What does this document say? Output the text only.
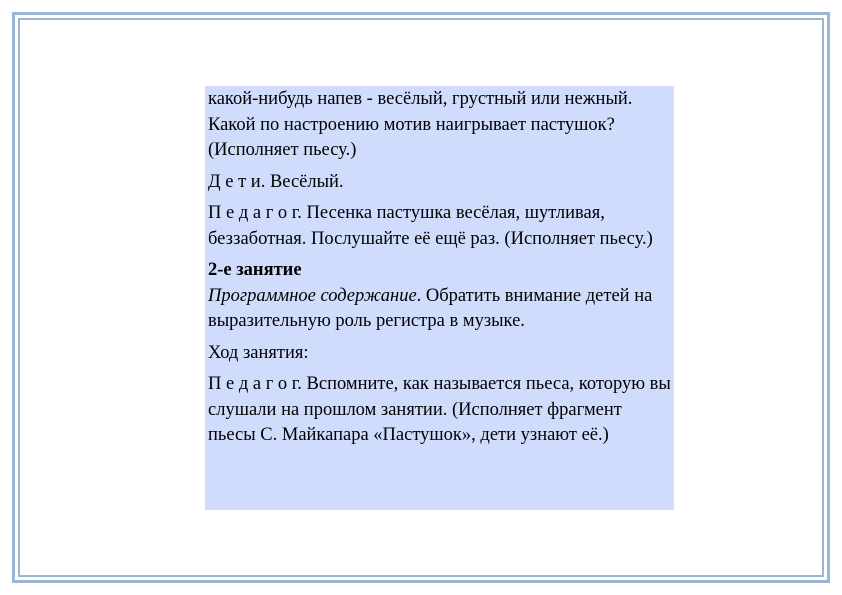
какой-нибудь напев - весёлый, грустный или нежный. Какой по настроению мотив наигрывает пастушок? (Исполняет пьесу.)

Д е т и. Весёлый.

П е д а г о г. Песенка пастушка весёлая, шутливая, беззаботная. Послушайте её ещё раз. (Исполняет пьесу.)

2-е занятие
Программное содержание. Обратить внимание детей на выразительную роль регистра в музыке.

Ход занятия:

П е д а г о г. Вспомните, как называется пьеса, которую вы слушали на прошлом занятии. (Исполняет фрагмент пьесы С. Майкапара «Пастушок», дети узнают её.)
